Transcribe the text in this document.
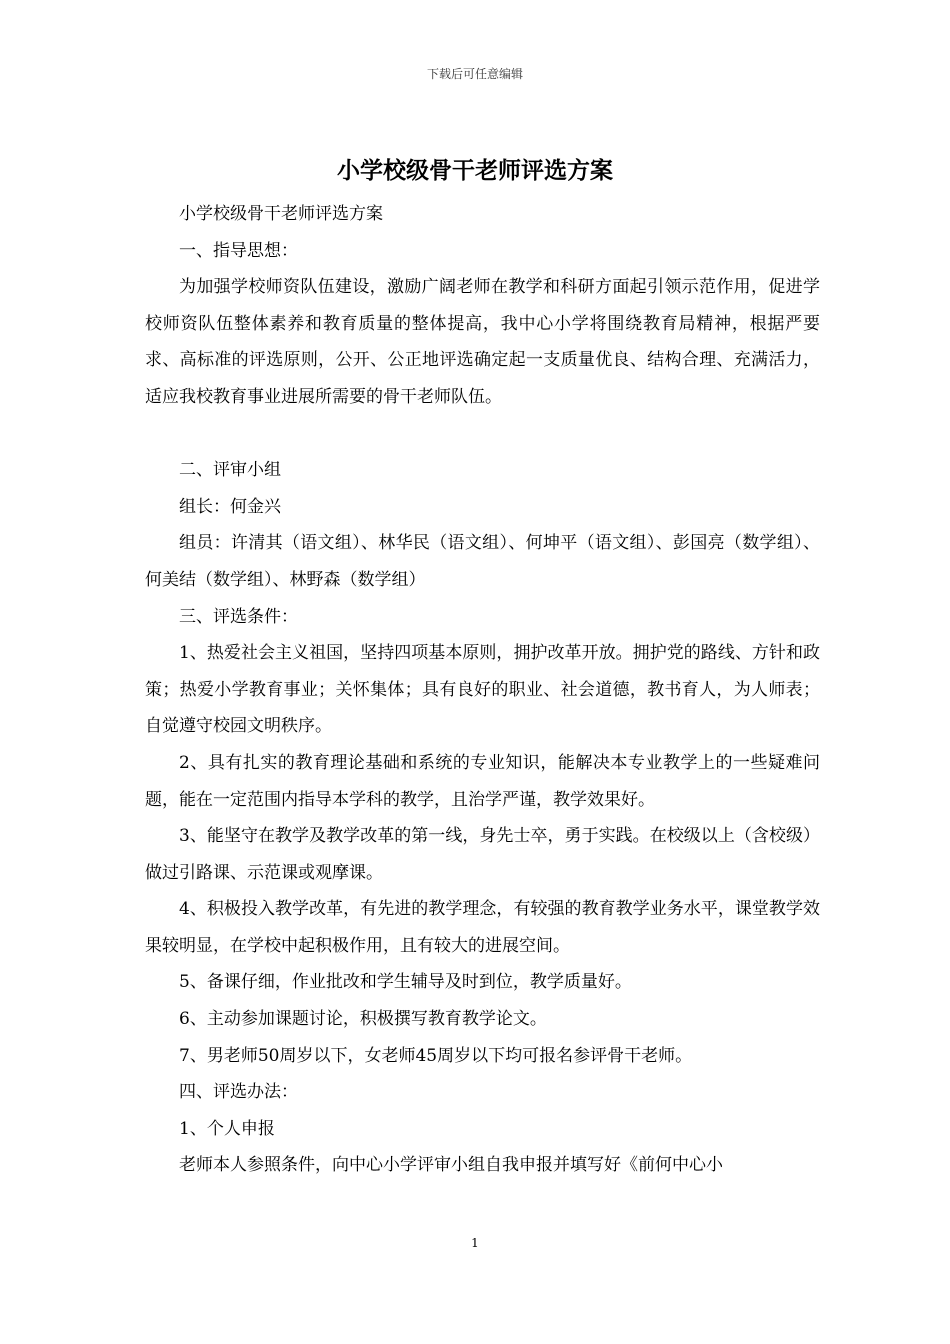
下载后可任意编辑
小学校级骨干老师评选方案

小学校级骨干老师评选方案

一、指导思想：

为加强学校师资队伍建设，激励广阔老师在教学和科研方面起引领示范作用，促进学校师资队伍整体素养和教育质量的整体提高，我中心小学将围绕教育局精神，根据严要求、高标准的评选原则，公开、公正地评选确定起一支质量优良、结构合理、充满活力，适应我校教育事业进展所需要的骨干老师队伍。

二、评审小组

组长：何金兴

组员：许清其（语文组）、林华民（语文组）、何坤平（语文组）、彭国亮（数学组）、何美结（数学组）、林野森（数学组）

三、评选条件：

1、热爱社会主义祖国，坚持四项基本原则，拥护改革开放。拥护党的路线、方针和政策；热爱小学教育事业；关怀集体；具有良好的职业、社会道德，教书育人，为人师表；自觉遵守校园文明秩序。

2、具有扎实的教育理论基础和系统的专业知识，能解决本专业教学上的一些疑难问题，能在一定范围内指导本学科的教学，且治学严谨，教学效果好。

3、能坚守在教学及教学改革的第一线，身先士卒，勇于实践。在校级以上（含校级）做过引路课、示范课或观摩课。

4、积极投入教学改革，有先进的教学理念，有较强的教育教学业务水平，课堂教学效果较明显，在学校中起积极作用，且有较大的进展空间。

5、备课仔细，作业批改和学生辅导及时到位，教学质量好。

6、主动参加课题讨论，积极撰写教育教学论文。

7、男老师50周岁以下，女老师45周岁以下均可报名参评骨干老师。

四、评选办法：

1、个人申报

老师本人参照条件，向中心小学评审小组自我申报并填写好《前何中心小

1
